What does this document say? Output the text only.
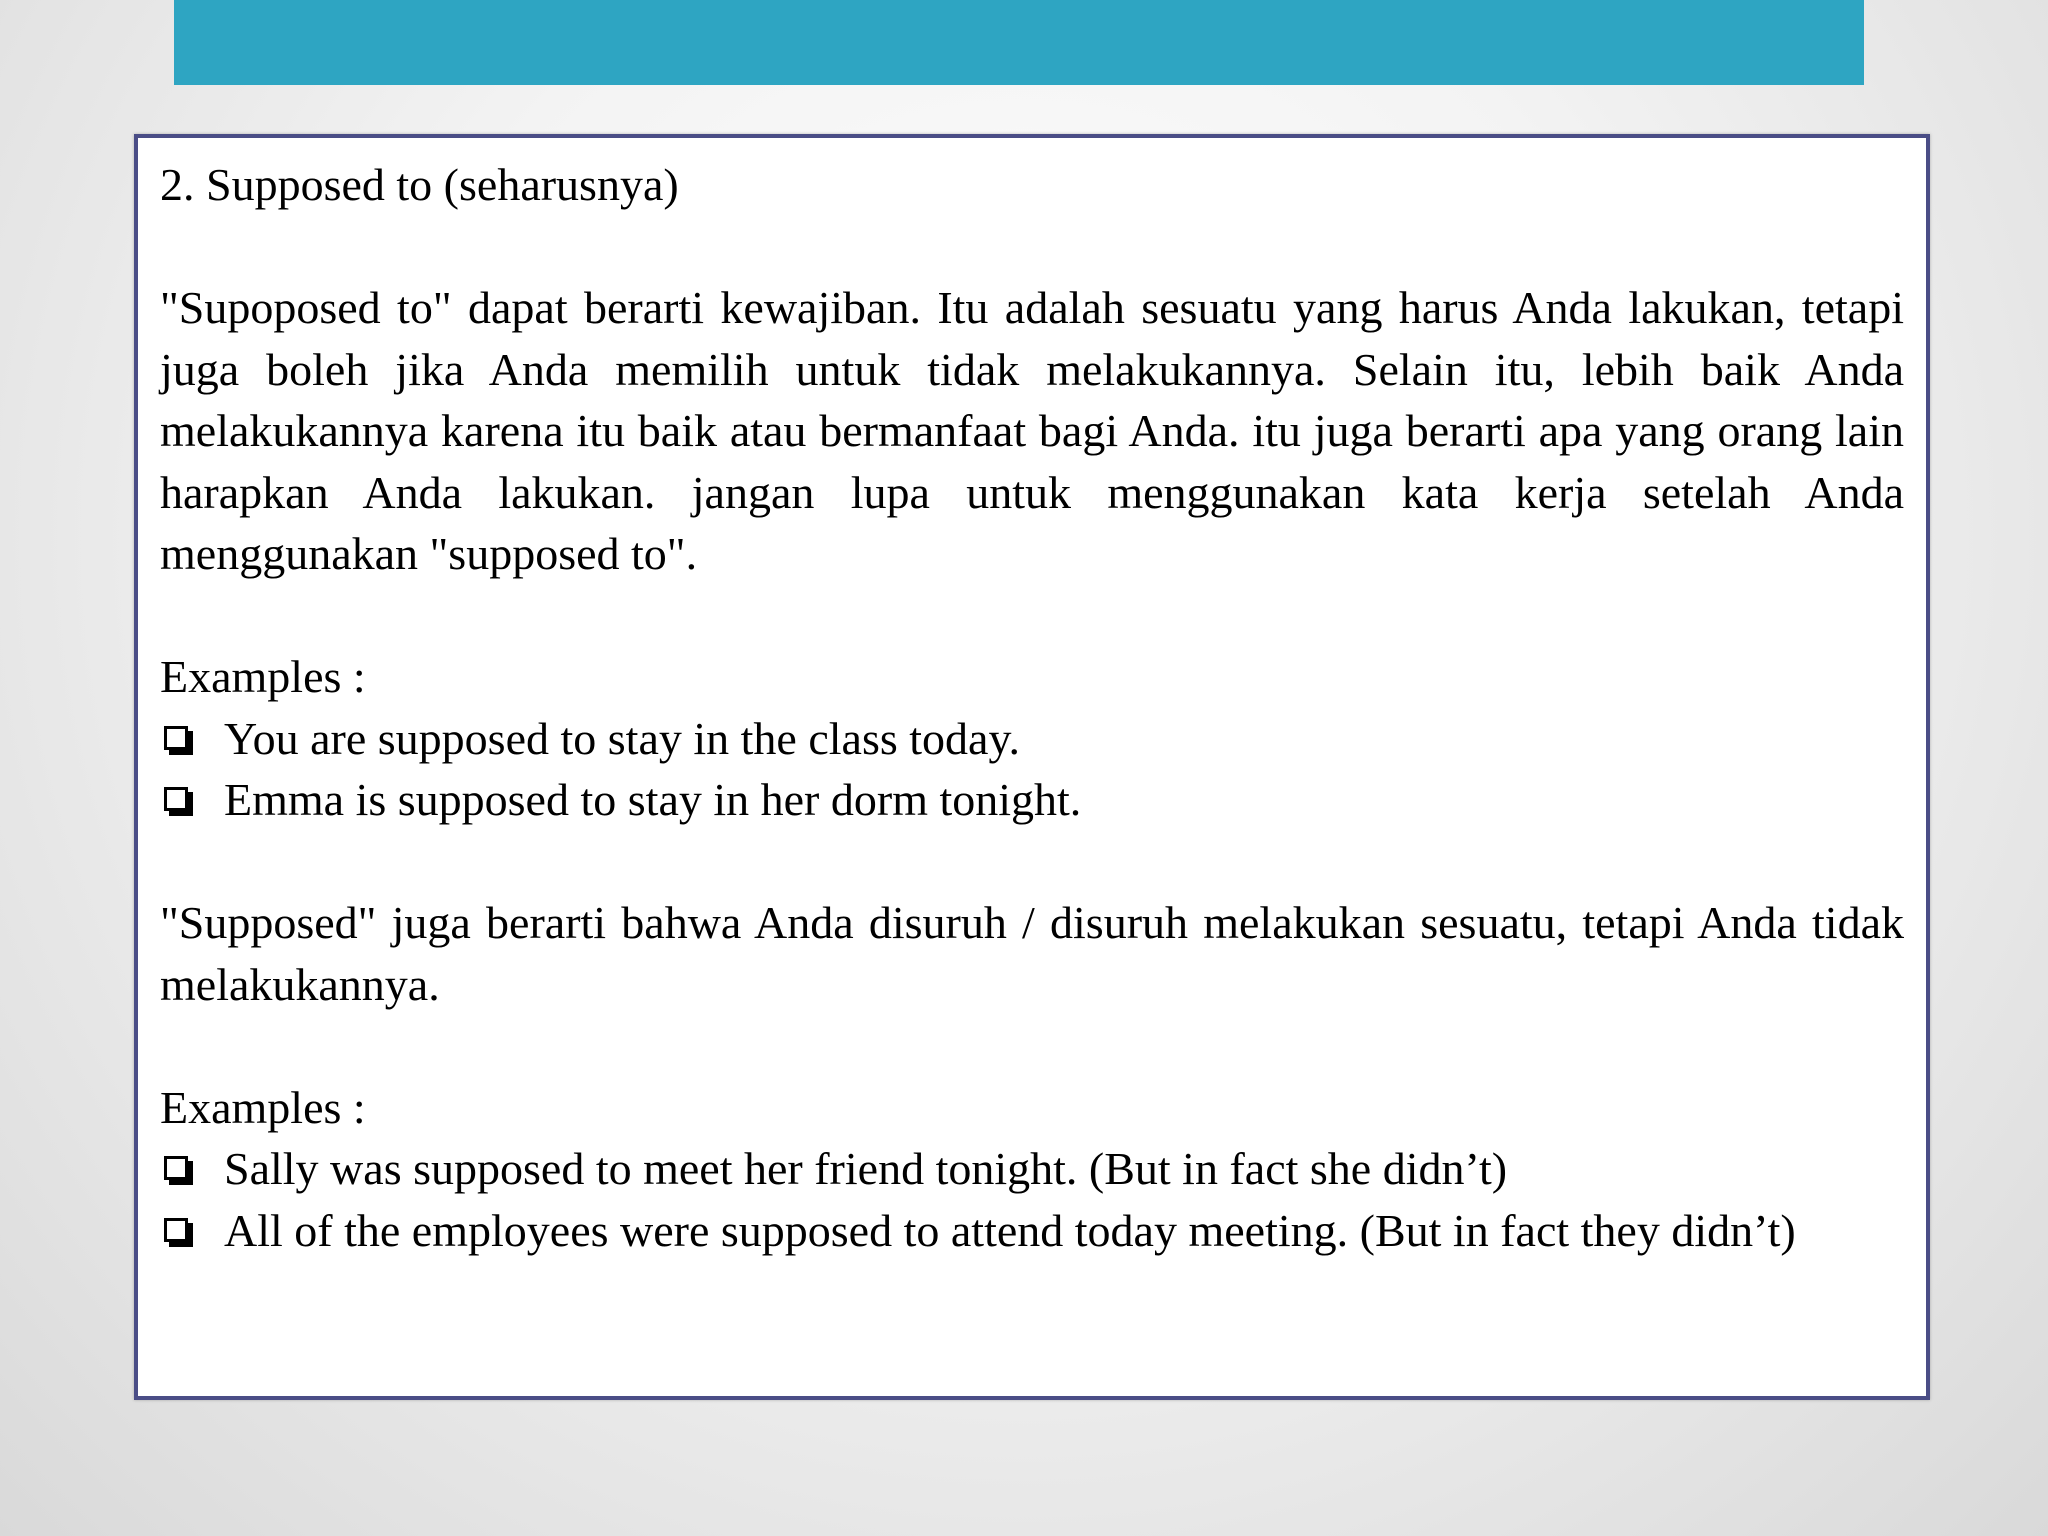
2. Supposed to (seharusnya)

"Supoposed to" dapat berarti kewajiban. Itu adalah sesuatu yang harus Anda lakukan, tetapi juga boleh jika Anda memilih untuk tidak melakukannya. Selain itu, lebih baik Anda melakukannya karena itu baik atau bermanfaat bagi Anda. itu juga berarti apa yang orang lain harapkan Anda lakukan. jangan lupa untuk menggunakan kata kerja setelah Anda menggunakan "supposed to".

Examples :

You are supposed to stay in the class today.
Emma is supposed to stay in her dorm tonight.

"Supposed" juga berarti bahwa Anda disuruh / disuruh melakukan sesuatu, tetapi Anda tidak melakukannya.

Examples :

Sally was supposed to meet her friend tonight. (But in fact she didn’t)
All of the employees were supposed to attend today meeting. (But in fact they didn’t)
